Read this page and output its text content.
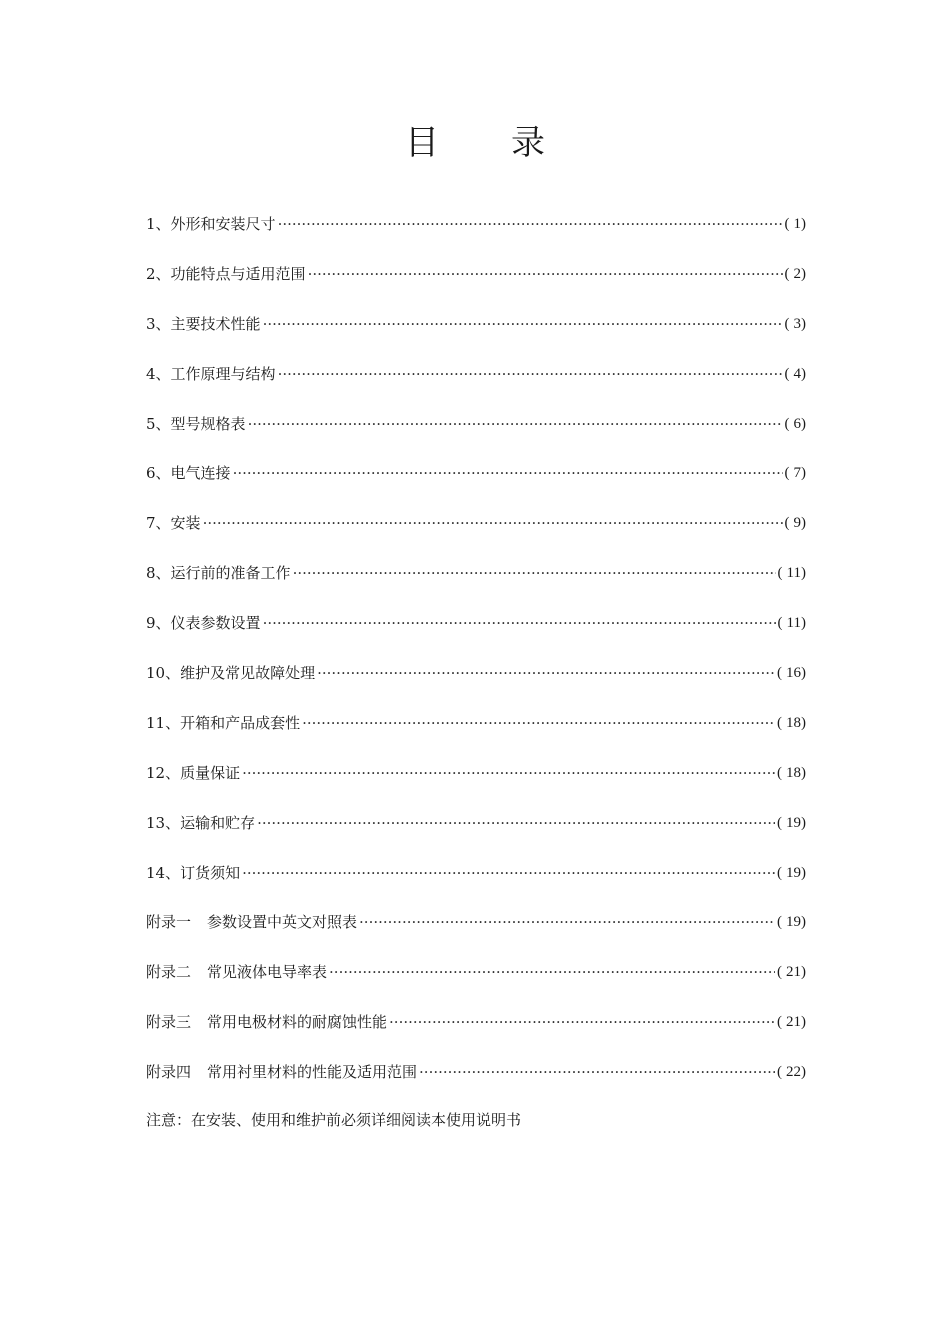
目 录
1、 外形和安装尺寸 ·····	( 1)
2、 功能特点与适用范围 ·····	( 2)
3、 主要技术性能 ·····	( 3)
4、 工作原理与结构 ·····	( 4)
5、 型号规格表 ·····	( 6)
6、 电气连接 ·····	( 7)
7、 安装 ·····	( 9)
8、 运行前的准备工作 ·····	( 11)
9、 仪表参数设置 ·····	( 11)
10、 维护及常见故障处理 ·····	( 16)
11、 开箱和产品成套性 ·····	( 18)
12、 质量保证 ·····	( 18)
13、 运输和贮存 ·····	( 19)
14、 订货须知 ·····	( 19)
附录一 参数设置中英文对照表 ·····	( 19)
附录二 常见液体电导率表 ·····	( 21)
附录三 常用电极材料的耐腐蚀性能 ·····	( 21)
附录四 常用衬里材料的性能及适用范围 ·····	( 22)
注意：在安装、使用和维护前必须详细阅读本使用说明书
